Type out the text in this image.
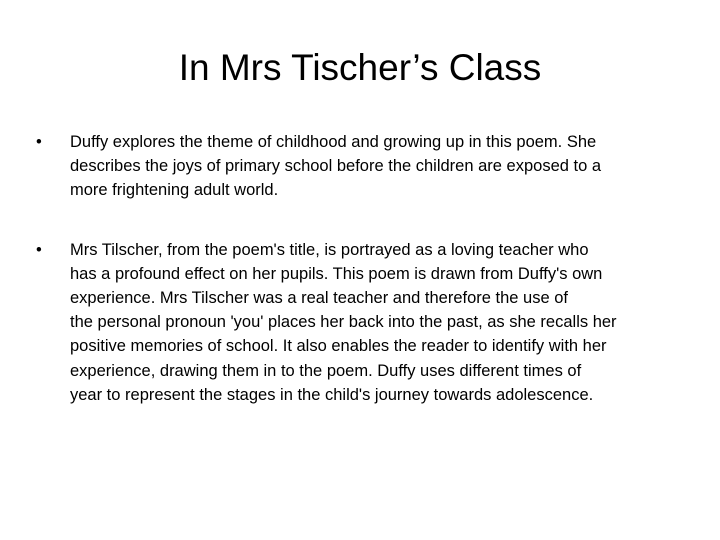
In Mrs Tischer’s Class
•	Duffy explores the theme of childhood and growing up in this poem. She
describes the joys of primary school before the children are exposed to a
more frightening adult world.
•	Mrs Tilscher, from the poem's title, is portrayed as a loving teacher who
has a profound effect on her pupils. This poem is drawn from Duffy's own
experience. Mrs Tilscher was a real teacher and therefore the use of
the personal pronoun 'you' places her back into the past, as she recalls her
positive memories of school. It also enables the reader to identify with her
experience, drawing them in to the poem. Duffy uses different times of
year to represent the stages in the child's journey towards adolescence.
